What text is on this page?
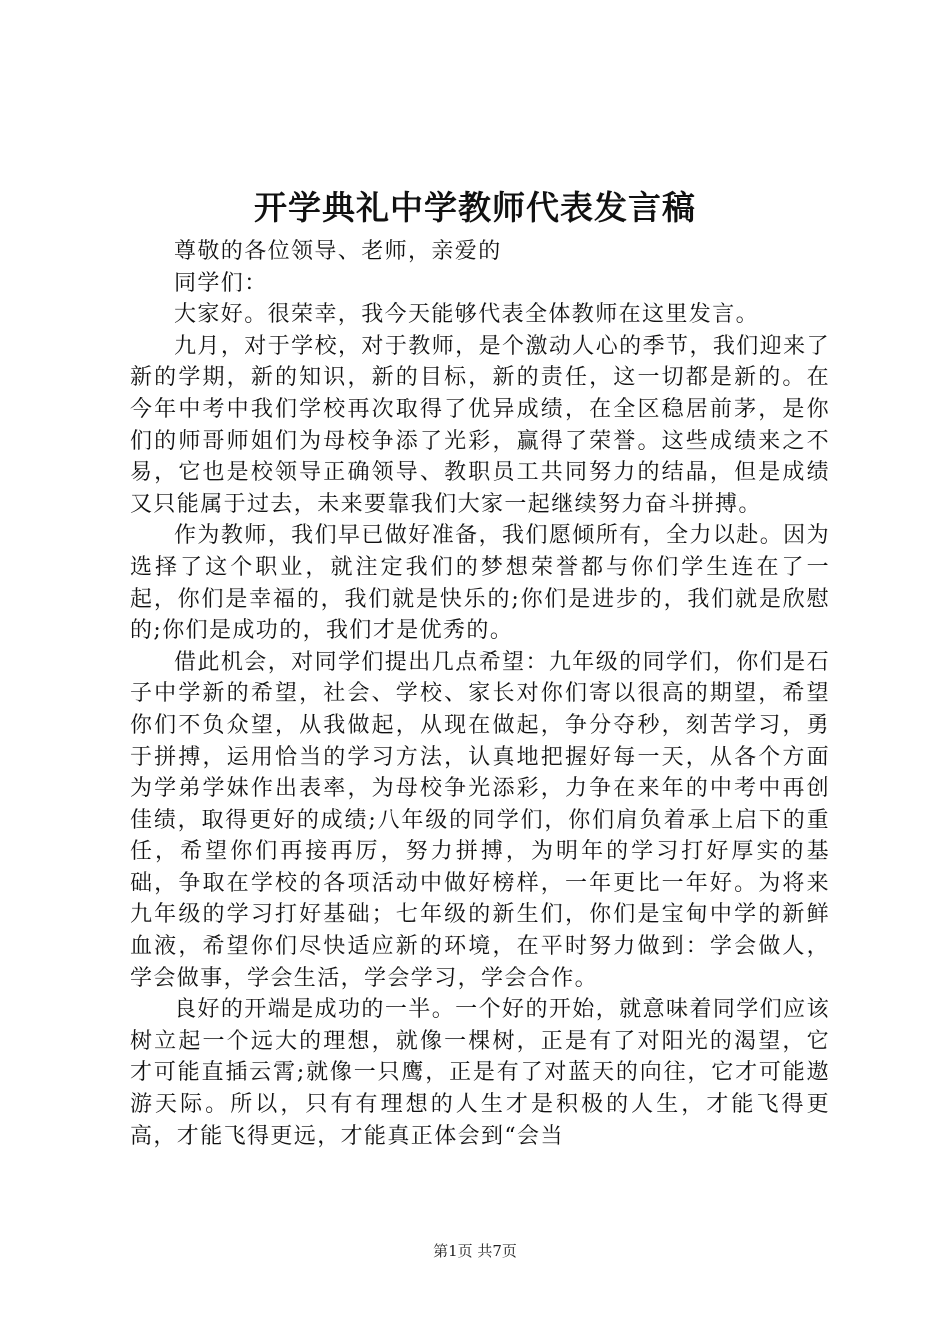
开学典礼中学教师代表发言稿

尊敬的各位领导、老师，亲爱的

同学们：

大家好。很荣幸，我今天能够代表全体教师在这里发言。

九月，对于学校，对于教师，是个激动人心的季节，我们迎来了新的学期，新的知识，新的目标，新的责任，这一切都是新的。在今年中考中我们学校再次取得了优异成绩，在全区稳居前茅，是你们的师哥师姐们为母校争添了光彩，赢得了荣誉。这些成绩来之不易，它也是校领导正确领导、教职员工共同努力的结晶，但是成绩又只能属于过去，未来要靠我们大家一起继续努力奋斗拼搏。

作为教师，我们早已做好准备，我们愿倾所有，全力以赴。因为选择了这个职业，就注定我们的梦想荣誉都与你们学生连在了一起，你们是幸福的，我们就是快乐的;你们是进步的，我们就是欣慰的;你们是成功的，我们才是优秀的。

借此机会，对同学们提出几点希望：九年级的同学们，你们是石子中学新的希望，社会、学校、家长对你们寄以很高的期望，希望你们不负众望，从我做起，从现在做起，争分夺秒，刻苦学习，勇于拼搏，运用恰当的学习方法，认真地把握好每一天，从各个方面为学弟学妹作出表率，为母校争光添彩，力争在来年的中考中再创佳绩，取得更好的成绩;八年级的同学们，你们肩负着承上启下的重任，希望你们再接再厉，努力拼搏，为明年的学习打好厚实的基础，争取在学校的各项活动中做好榜样，一年更比一年好。为将来九年级的学习打好基础；七年级的新生们，你们是宝甸中学的新鲜血液，希望你们尽快适应新的环境，在平时努力做到：学会做人，学会做事，学会生活，学会学习，学会合作。

良好的开端是成功的一半。一个好的开始，就意味着同学们应该树立起一个远大的理想，就像一棵树，正是有了对阳光的渴望，它才可能直插云霄;就像一只鹰，正是有了对蓝天的向往，它才可能遨游天际。所以，只有有理想的人生才是积极的人生，才能飞得更高，才能飞得更远，才能真正体会到“会当

第1页 共7页
